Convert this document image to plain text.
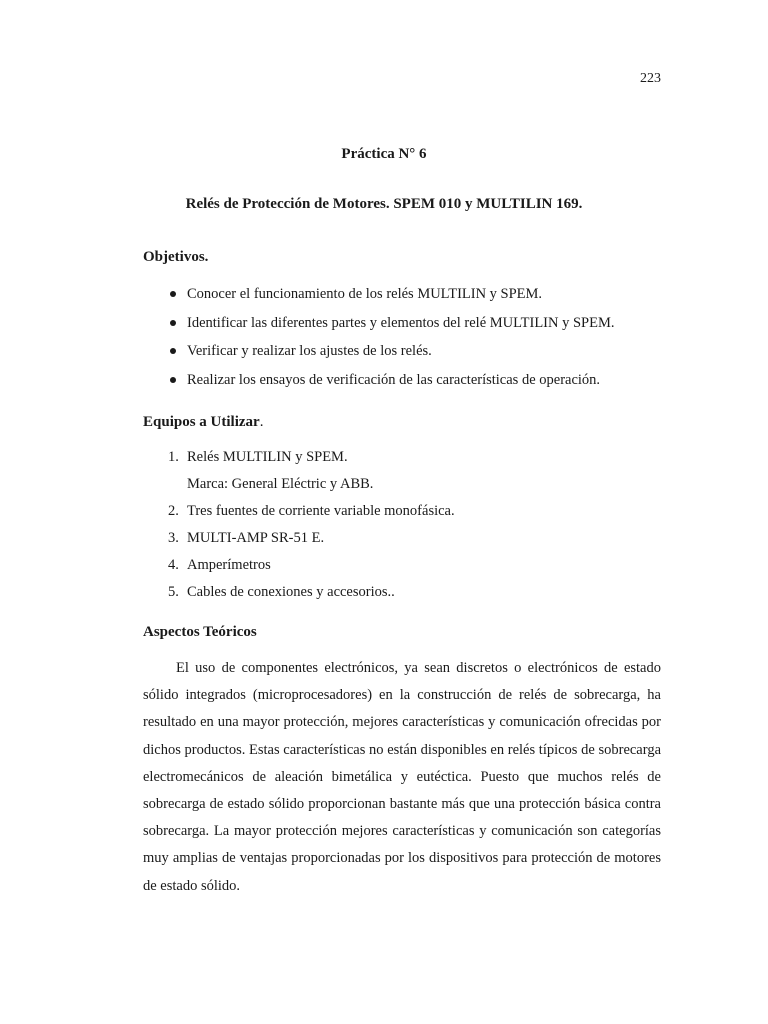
223
Práctica N° 6
Relés de Protección de Motores. SPEM 010 y MULTILIN 169.
Objetivos.
Conocer el funcionamiento de los relés MULTILIN y SPEM.
Identificar las diferentes partes y elementos del relé MULTILIN y SPEM.
Verificar y realizar los ajustes de los relés.
Realizar los ensayos de verificación de las características de operación.
Equipos a Utilizar.
1. Relés MULTILIN y SPEM.
Marca: General Eléctric y ABB.
2. Tres fuentes de corriente variable monofásica.
3. MULTI-AMP SR-51 E.
4. Amperímetros
5. Cables de conexiones y accesorios..
Aspectos Teóricos

El uso de componentes electrónicos, ya sean discretos o electrónicos de estado sólido integrados (microprocesadores) en la construcción de relés de sobrecarga, ha resultado en una mayor protección, mejores características y comunicación ofrecidas por dichos productos. Estas características no están disponibles en relés típicos de sobrecarga electromecánicos de aleación bimetálica y eutéctica. Puesto que muchos relés de sobrecarga de estado sólido proporcionan bastante más que una protección básica contra sobrecarga. La mayor protección mejores características y comunicación son categorías muy amplias de ventajas proporcionadas por los dispositivos para protección de motores de estado sólido.
